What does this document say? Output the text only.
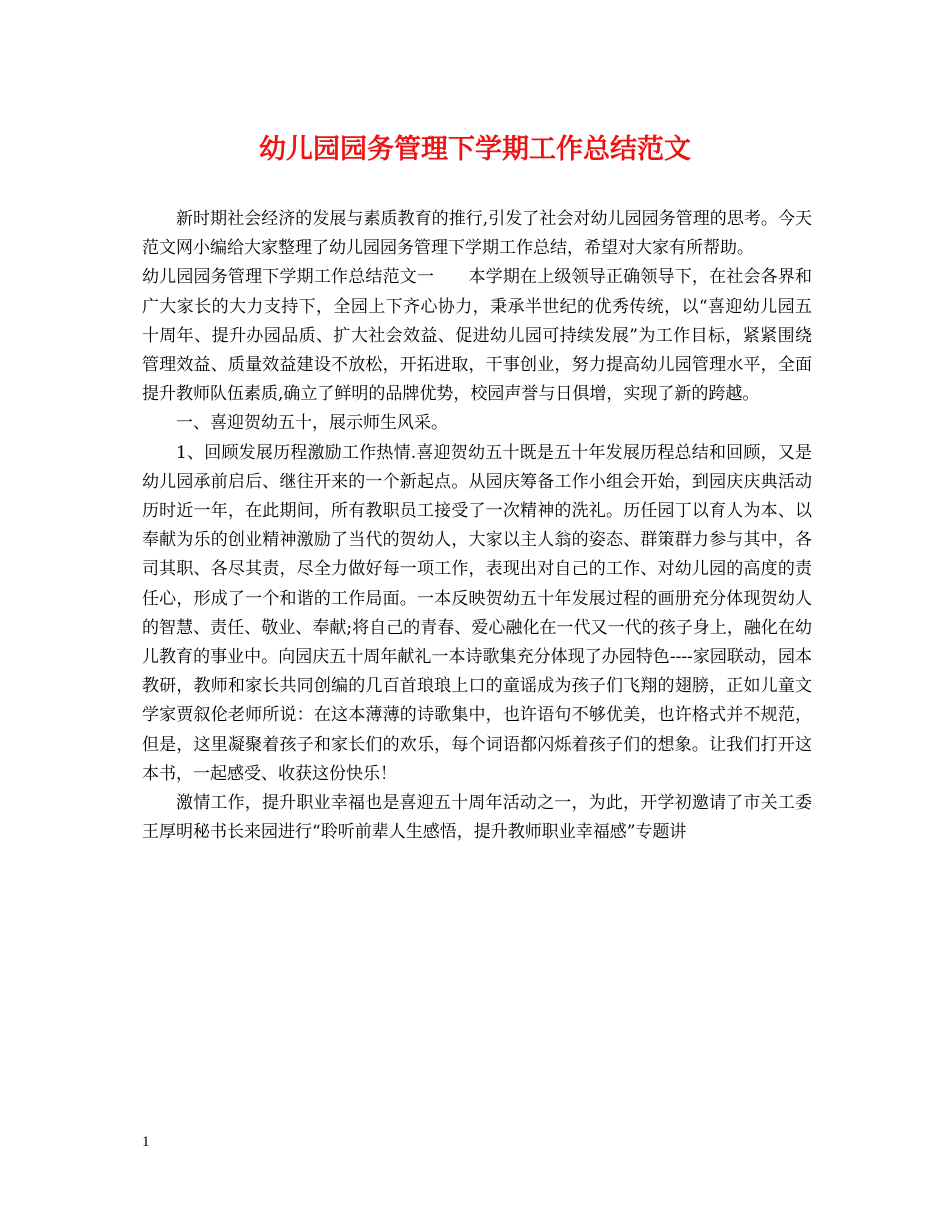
幼儿园园务管理下学期工作总结范文

新时期社会经济的发展与素质教育的推行,引发了社会对幼儿园园务管理的思考。今天范文网小编给大家整理了幼儿园园务管理下学期工作总结，希望对大家有所帮助。

幼儿园园务管理下学期工作总结范文一　　本学期在上级领导正确领导下，在社会各界和广大家长的大力支持下，全园上下齐心协力，秉承半世纪的优秀传统，以“喜迎幼儿园五十周年、提升办园品质、扩大社会效益、促进幼儿园可持续发展”为工作目标，紧紧围绕管理效益、质量效益建设不放松，开拓进取，干事创业，努力提高幼儿园管理水平，全面提升教师队伍素质,确立了鲜明的品牌优势，校园声誉与日俱增，实现了新的跨越。

一、喜迎贺幼五十，展示师生风采。

1、回顾发展历程激励工作热情.喜迎贺幼五十既是五十年发展历程总结和回顾，又是幼儿园承前启后、继往开来的一个新起点。从园庆筹备工作小组会开始，到园庆庆典活动历时近一年，在此期间，所有教职员工接受了一次精神的洗礼。历任园丁以育人为本、以奉献为乐的创业精神激励了当代的贺幼人，大家以主人翁的姿态、群策群力参与其中，各司其职、各尽其责，尽全力做好每一项工作，表现出对自己的工作、对幼儿园的高度的责任心，形成了一个和谐的工作局面。一本反映贺幼五十年发展过程的画册充分体现贺幼人的智慧、责任、敬业、奉献;将自己的青春、爱心融化在一代又一代的孩子身上，融化在幼儿教育的事业中。向园庆五十周年献礼一本诗歌集充分体现了办园特色----家园联动，园本教研，教师和家长共同创编的几百首琅琅上口的童谣成为孩子们飞翔的翅膀，正如儿童文学家贾叙伦老师所说：在这本薄薄的诗歌集中，也许语句不够优美，也许格式并不规范，但是，这里凝聚着孩子和家长们的欢乐，每个词语都闪烁着孩子们的想象。让我们打开这本书，一起感受、收获这份快乐！

激情工作，提升职业幸福也是喜迎五十周年活动之一，为此，开学初邀请了市关工委王厚明秘书长来园进行“聆听前辈人生感悟，提升教师职业幸福感”专题讲

1
